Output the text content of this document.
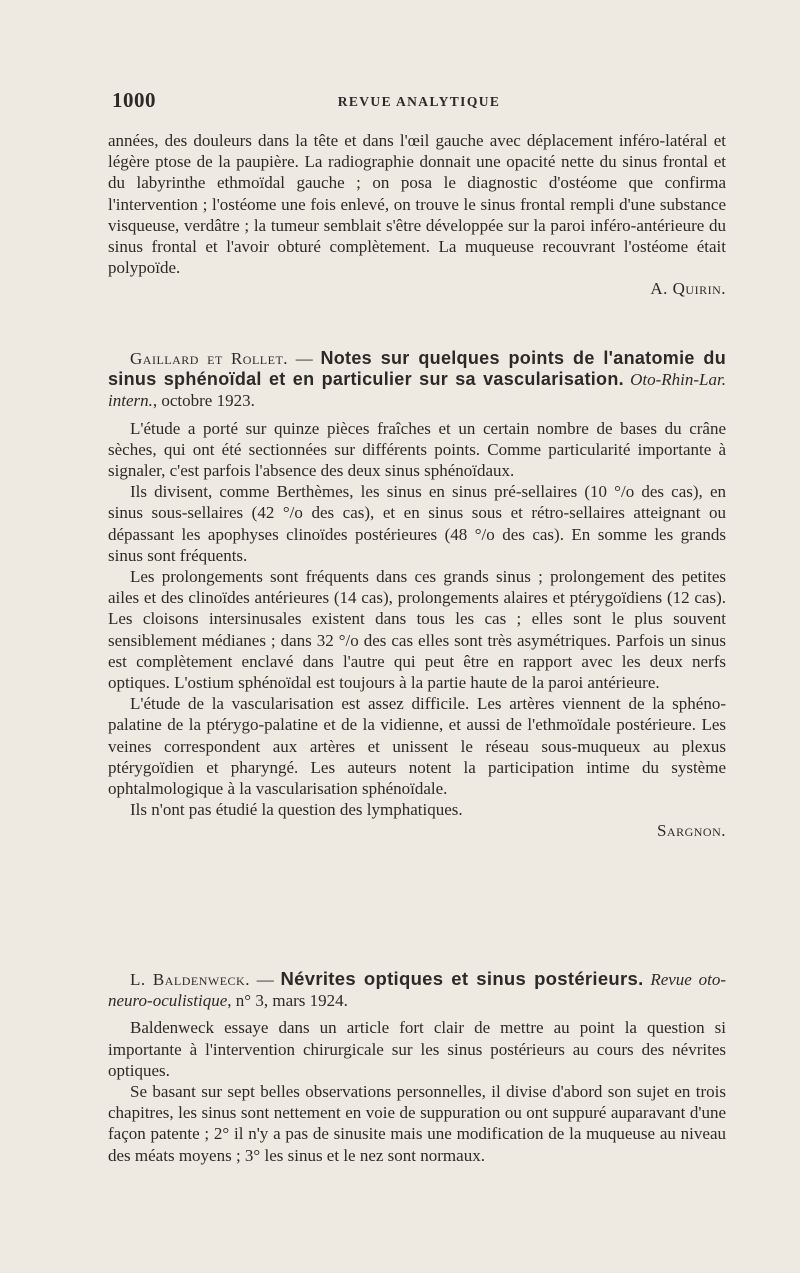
1000	REVUE ANALYTIQUE

années, des douleurs dans la tête et dans l'œil gauche avec déplacement inféro-latéral et légère ptose de la paupière. La radiographie donnait une opacité nette du sinus frontal et du labyrinthe ethmoïdal gauche ; on posa le diagnostic d'ostéome que confirma l'intervention ; l'ostéome une fois enlevé, on trouve le sinus frontal rempli d'une substance visqueuse, verdâtre ; la tumeur semblait s'être développée sur la paroi inféro-antérieure du sinus frontal et l'avoir obturé complètement. La muqueuse recouvrant l'ostéome était polypoïde.

A. Quirin.

Gaillard et Rollet. — Notes sur quelques points de l'anatomie du sinus sphénoïdal et en particulier sur sa vascularisation. Oto-Rhin-Lar. intern., octobre 1923.

L'étude a porté sur quinze pièces fraîches et un certain nombre de bases du crâne sèches, qui ont été sectionnées sur différents points. Comme particularité importante à signaler, c'est parfois l'absence des deux sinus sphénoïdaux.

Ils divisent, comme Berthèmes, les sinus en sinus pré-sellaires (10 °/o des cas), en sinus sous-sellaires (42 °/o des cas), et en sinus sous et rétro-sellaires atteignant ou dépassant les apophyses clinoïdes postérieures (48 °/o des cas). En somme les grands sinus sont fréquents.

Les prolongements sont fréquents dans ces grands sinus ; prolongement des petites ailes et des clinoïdes antérieures (14 cas), prolongements alaires et ptérygoïdiens (12 cas). Les cloisons intersinusales existent dans tous les cas ; elles sont le plus souvent sensiblement médianes ; dans 32 °/o des cas elles sont très asymétriques. Parfois un sinus est complètement enclavé dans l'autre qui peut être en rapport avec les deux nerfs optiques. L'ostium sphénoïdal est toujours à la partie haute de la paroi antérieure.

L'étude de la vascularisation est assez difficile. Les artères viennent de la sphéno-palatine de la ptérygo-palatine et de la vidienne, et aussi de l'ethmoïdale postérieure. Les veines correspondent aux artères et unissent le réseau sous-muqueux au plexus ptérygoïdien et pharyngé. Les auteurs notent la participation intime du système ophtalmologique à la vascularisation sphénoïdale.

Ils n'ont pas étudié la question des lymphatiques.

Sargnon.

L. Baldenweck. — Névrites optiques et sinus postérieurs. Revue oto-neuro-oculistique, n° 3, mars 1924.

Baldenweck essaye dans un article fort clair de mettre au point la question si importante à l'intervention chirurgicale sur les sinus postérieurs au cours des névrites optiques.

Se basant sur sept belles observations personnelles, il divise d'abord son sujet en trois chapitres, les sinus sont nettement en voie de suppuration ou ont suppuré auparavant d'une façon patente ; 2° il n'y a pas de sinusite mais une modification de la muqueuse au niveau des méats moyens ; 3° les sinus et le nez sont normaux.
